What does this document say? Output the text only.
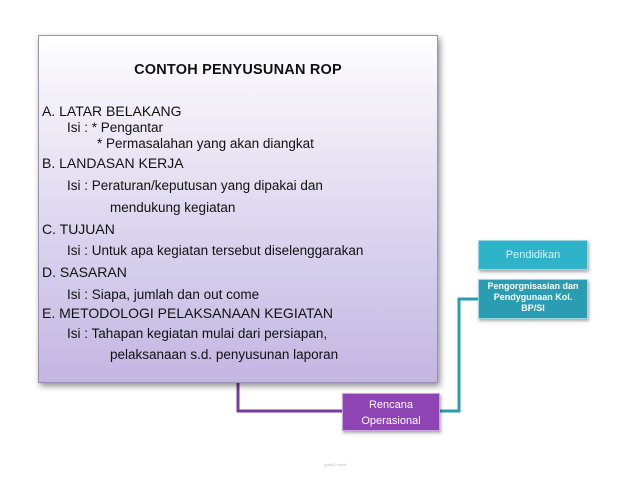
CONTOH PENYUSUNAN ROP
A. LATAR BELAKANG
Isi : * Pengantar
* Permasalahan yang akan diangkat
B. LANDASAN KERJA
Isi : Peraturan/keputusan yang dipakai dan
mendukung kegiatan
C. TUJUAN
Isi : Untuk apa kegiatan tersebut diselenggarakan
D. SASARAN
Isi : Siapa, jumlah dan out come
E. METODOLOGI PELAKSANAAN KEGIATAN
Isi : Tahapan kegiatan mulai dari persiapan,
pelaksanaan s.d. penyusunan laporan
Pendidikan
Pengorgnisasian dan
Pendygunaan Kol.
BP/SI
Rencana
Operasional
sydel3 nenel
